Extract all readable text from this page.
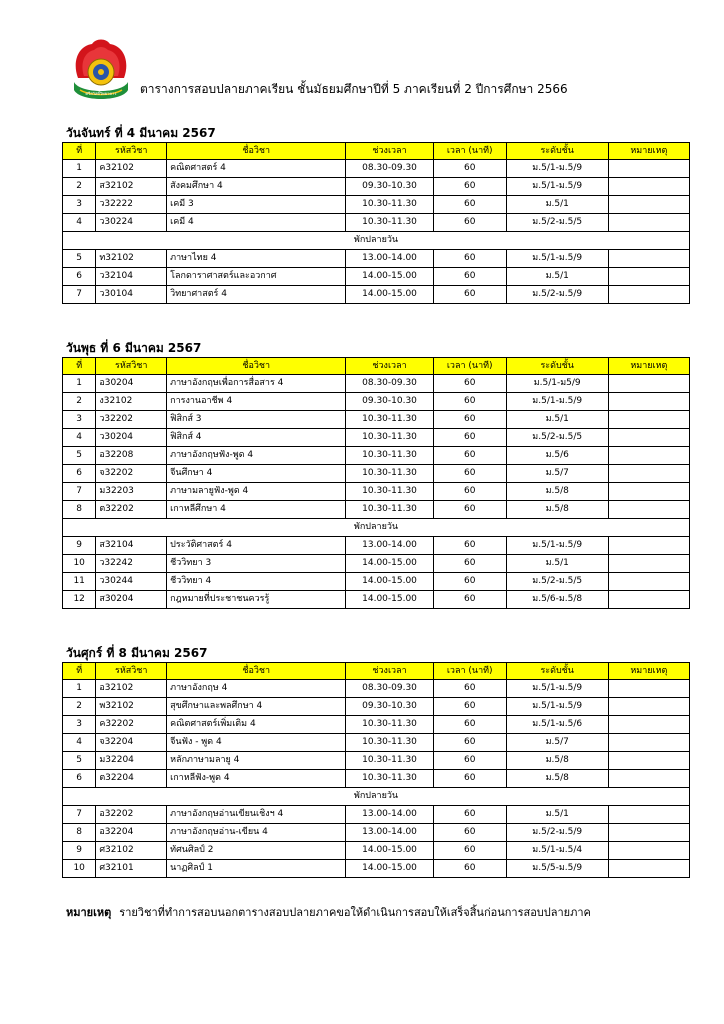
ศรีสวัสดิ์วิทยาคาร ตารางการสอบปลายภาคเรียน ชั้นมัธยมศึกษาปีที่ 5 ภาคเรียนที่ 2 ปีการศึกษา 2566
วันจันทร์ ที่ 4 มีนาคม 2567
ที่	รหัสวิชา	ชื่อวิชา	ช่วงเวลา	เวลา (นาที)	ระดับชั้น	หมายเหตุ
1	ค32102	คณิตศาสตร์ 4	08.30-09.30	60	ม.5/1-ม.5/9	
2	ส32102	สังคมศึกษา 4	09.30-10.30	60	ม.5/1-ม.5/9	
3	ว32222	เคมี 3	10.30-11.30	60	ม.5/1	
4	ว30224	เคมี 4	10.30-11.30	60	ม.5/2-ม.5/5	
พักปลายวัน						
5	ท32102	ภาษาไทย 4	13.00-14.00	60	ม.5/1-ม.5/9	
6	ว32104	โลกดาราศาสตร์และอวกาศ	14.00-15.00	60	ม.5/1	
7	ว30104	วิทยาศาสตร์ 4	14.00-15.00	60	ม.5/2-ม.5/9	
วันพุธ ที่ 6 มีนาคม 2567
ที่	รหัสวิชา	ชื่อวิชา	ช่วงเวลา	เวลา (นาที)	ระดับชั้น	หมายเหตุ
1	อ30204	ภาษาอังกฤษเพื่อการสื่อสาร 4	08.30-09.30	60	ม.5/1-ม5/9	
2	ง32102	การงานอาชีพ 4	09.30-10.30	60	ม.5/1-ม.5/9	
3	ว32202	ฟิสิกส์ 3	10.30-11.30	60	ม.5/1	
4	ว30204	ฟิสิกส์ 4	10.30-11.30	60	ม.5/2-ม.5/5	
5	อ32208	ภาษาอังกฤษฟัง-พูด 4	10.30-11.30	60	ม.5/6	
6	จ32202	จีนศึกษา 4	10.30-11.30	60	ม.5/7	
7	ม32203	ภาษามลายูฟัง-พูด 4	10.30-11.30	60	ม.5/8	
8	ต32202	เกาหลีศึกษา 4	10.30-11.30	60	ม.5/8	
พักปลายวัน						
9	ส32104	ประวัติศาสตร์ 4	13.00-14.00	60	ม.5/1-ม.5/9	
10	ว32242	ชีววิทยา 3	14.00-15.00	60	ม.5/1	
11	ว30244	ชีววิทยา 4	14.00-15.00	60	ม.5/2-ม.5/5	
12	ส30204	กฎหมายที่ประชาชนควรรู้	14.00-15.00	60	ม.5/6-ม.5/8	
วันศุกร์ ที่ 8 มีนาคม 2567
ที่	รหัสวิชา	ชื่อวิชา	ช่วงเวลา	เวลา (นาที)	ระดับชั้น	หมายเหตุ
1	อ32102	ภาษาอังกฤษ 4	08.30-09.30	60	ม.5/1-ม.5/9	
2	พ32102	สุขศึกษาและพลศึกษา 4	09.30-10.30	60	ม.5/1-ม.5/9	
3	ค32202	คณิตศาสตร์เพิ่มเติม 4	10.30-11.30	60	ม.5/1-ม.5/6	
4	จ32204	จีนฟัง - พูด 4	10.30-11.30	60	ม.5/7	
5	ม32204	หลักภาษามลายู 4	10.30-11.30	60	ม.5/8	
6	ต32204	เกาหลีฟัง-พูด 4	10.30-11.30	60	ม.5/8	
พักปลายวัน						
7	อ32202	ภาษาอังกฤษอ่านเขียนเชิงฯ 4	13.00-14.00	60	ม.5/1	
8	อ32204	ภาษาอังกฤษอ่าน-เขียน 4	13.00-14.00	60	ม.5/2-ม.5/9	
9	ศ32102	ทัศนศิลป์ 2	14.00-15.00	60	ม.5/1-ม.5/4	
10	ศ32101	นาฏศิลป์ 1	14.00-15.00	60	ม.5/5-ม.5/9	
หมายเหตุ รายวิชาที่ทำการสอบนอกตารางสอบปลายภาคขอให้ดำเนินการสอบให้เสร็จสิ้นก่อนการสอบปลายภาค
